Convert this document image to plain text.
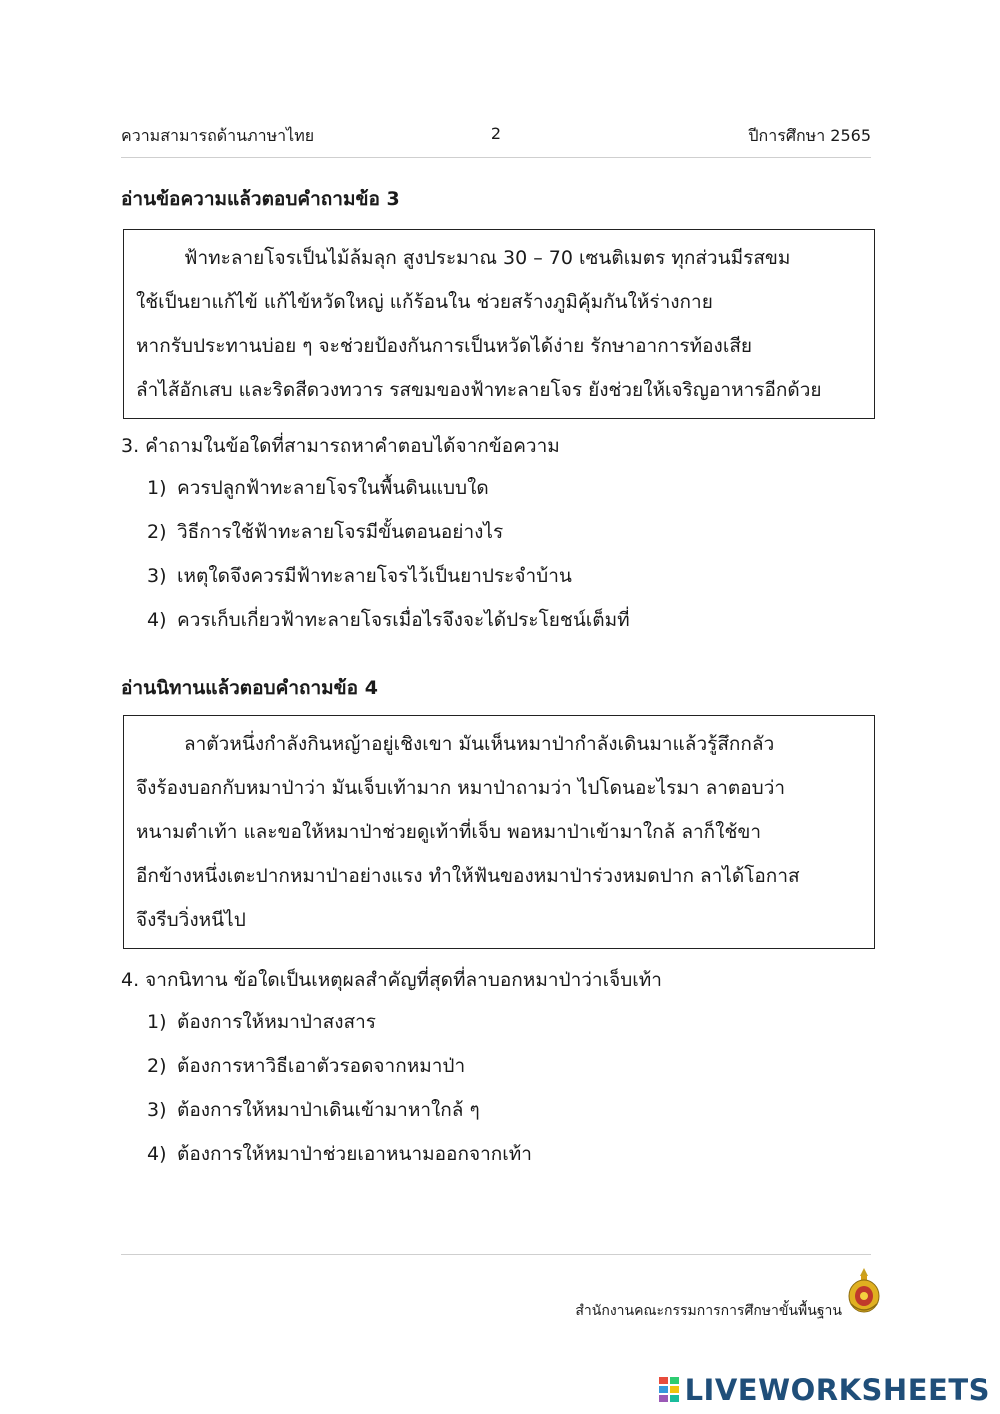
ความสามารถด้านภาษาไทย	2	ปีการศึกษา 2565
อ่านข้อความแล้วตอบคำถามข้อ 3
ฟ้าทะลายโจรเป็นไม้ล้มลุก สูงประมาณ 30 – 70 เซนติเมตร ทุกส่วนมีรสขม
ใช้เป็นยาแก้ไข้ แก้ไข้หวัดใหญ่ แก้ร้อนใน ช่วยสร้างภูมิคุ้มกันให้ร่างกาย
หากรับประทานบ่อย ๆ จะช่วยป้องกันการเป็นหวัดได้ง่าย รักษาอาการท้องเสีย
ลำไส้อักเสบ และริดสีดวงทวาร รสขมของฟ้าทะลายโจร ยังช่วยให้เจริญอาหารอีกด้วย
3. คำถามในข้อใดที่สามารถหาคำตอบได้จากข้อความ
1) ควรปลูกฟ้าทะลายโจรในพื้นดินแบบใด
2) วิธีการใช้ฟ้าทะลายโจรมีขั้นตอนอย่างไร
3) เหตุใดจึงควรมีฟ้าทะลายโจรไว้เป็นยาประจำบ้าน
4) ควรเก็บเกี่ยวฟ้าทะลายโจรเมื่อไรจึงจะได้ประโยชน์เต็มที่
อ่านนิทานแล้วตอบคำถามข้อ 4
ลาตัวหนึ่งกำลังกินหญ้าอยู่เชิงเขา มันเห็นหมาป่ากำลังเดินมาแล้วรู้สึกกลัว
จึงร้องบอกกับหมาป่าว่า มันเจ็บเท้ามาก หมาป่าถามว่า ไปโดนอะไรมา ลาตอบว่า
หนามตำเท้า และขอให้หมาป่าช่วยดูเท้าที่เจ็บ พอหมาป่าเข้ามาใกล้ ลาก็ใช้ขา
อีกข้างหนึ่งเตะปากหมาป่าอย่างแรง ทำให้ฟันของหมาป่าร่วงหมดปาก ลาได้โอกาส
จึงรีบวิ่งหนีไป
4. จากนิทาน ข้อใดเป็นเหตุผลสำคัญที่สุดที่ลาบอกหมาป่าว่าเจ็บเท้า
1) ต้องการให้หมาป่าสงสาร
2) ต้องการหาวิธีเอาตัวรอดจากหมาป่า
3) ต้องการให้หมาป่าเดินเข้ามาหาใกล้ ๆ
4) ต้องการให้หมาป่าช่วยเอาหนามออกจากเท้า
สำนักงานคณะกรรมการการศึกษาขั้นพื้นฐาน
LIVEWORKSHEETS
